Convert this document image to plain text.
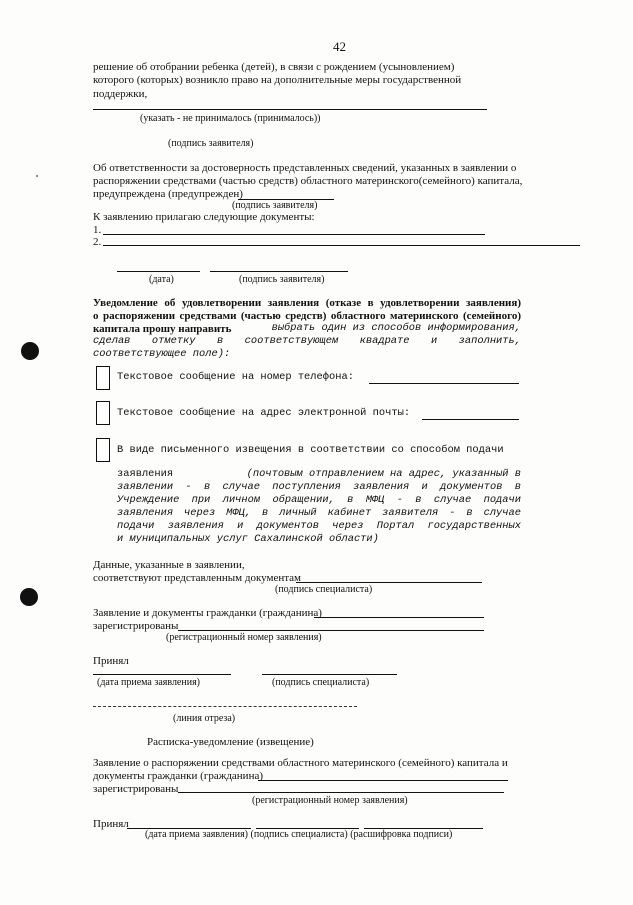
42
решение об отобрании ребенка (детей), в связи с рождением (усыновлением)
которого (которых) возникло право на дополнительные меры государственной
поддержки,
(указать - не принималось (принималось))
(подпись заявителя)
Об ответственности за достоверность представленных сведений, указанных в заявлении о
распоряжении средствами (частью средств) областного материнского(семейного) капитала,
предупреждена (предупрежден)
(подпись заявителя)
К заявлению прилагаю следующие документы:
1.
2.
(дата)	(подпись заявителя)
Уведомление об удовлетворении заявления (отказе в удовлетворении заявления)
о распоряжении средствами (частью средств) областного материнского (семейного)
капитала прошу направить	выбрать один из способов информирования,
сделав отметку в соответствующем квадрате и заполнить,
соответствующее поле):
Текстовое сообщение на номер телефона:
Текстовое сообщение на адрес электронной почты:
В виде письменного извещения в соответствии со способом подачи
заявления	(почтовым отправлением на адрес, указанный в
заявлении - в случае поступления заявления и документов в
Учреждение при личном обращении, в МФЦ - в случае подачи
заявления через МФЦ, в личный кабинет заявителя - в случае
подачи заявления и документов через Портал государственных
и муниципальных услуг Сахалинской области)
Данные, указанные в заявлении,
соответствуют представленным документам
(подпись специалиста)
Заявление и документы гражданки (гражданина)
зарегистрированы
(регистрационный номер заявления)
Принял
(дата приема заявления)	(подпись специалиста)
(линия отреза)
Расписка-уведомление (извещение)
Заявление о распоряжении средствами областного материнского (семейного) капитала и
документы гражданки (гражданина)
зарегистрированы
(регистрационный номер заявления)
Принял
(дата приема заявления) (подпись специалиста) (расшифровка подписи)
